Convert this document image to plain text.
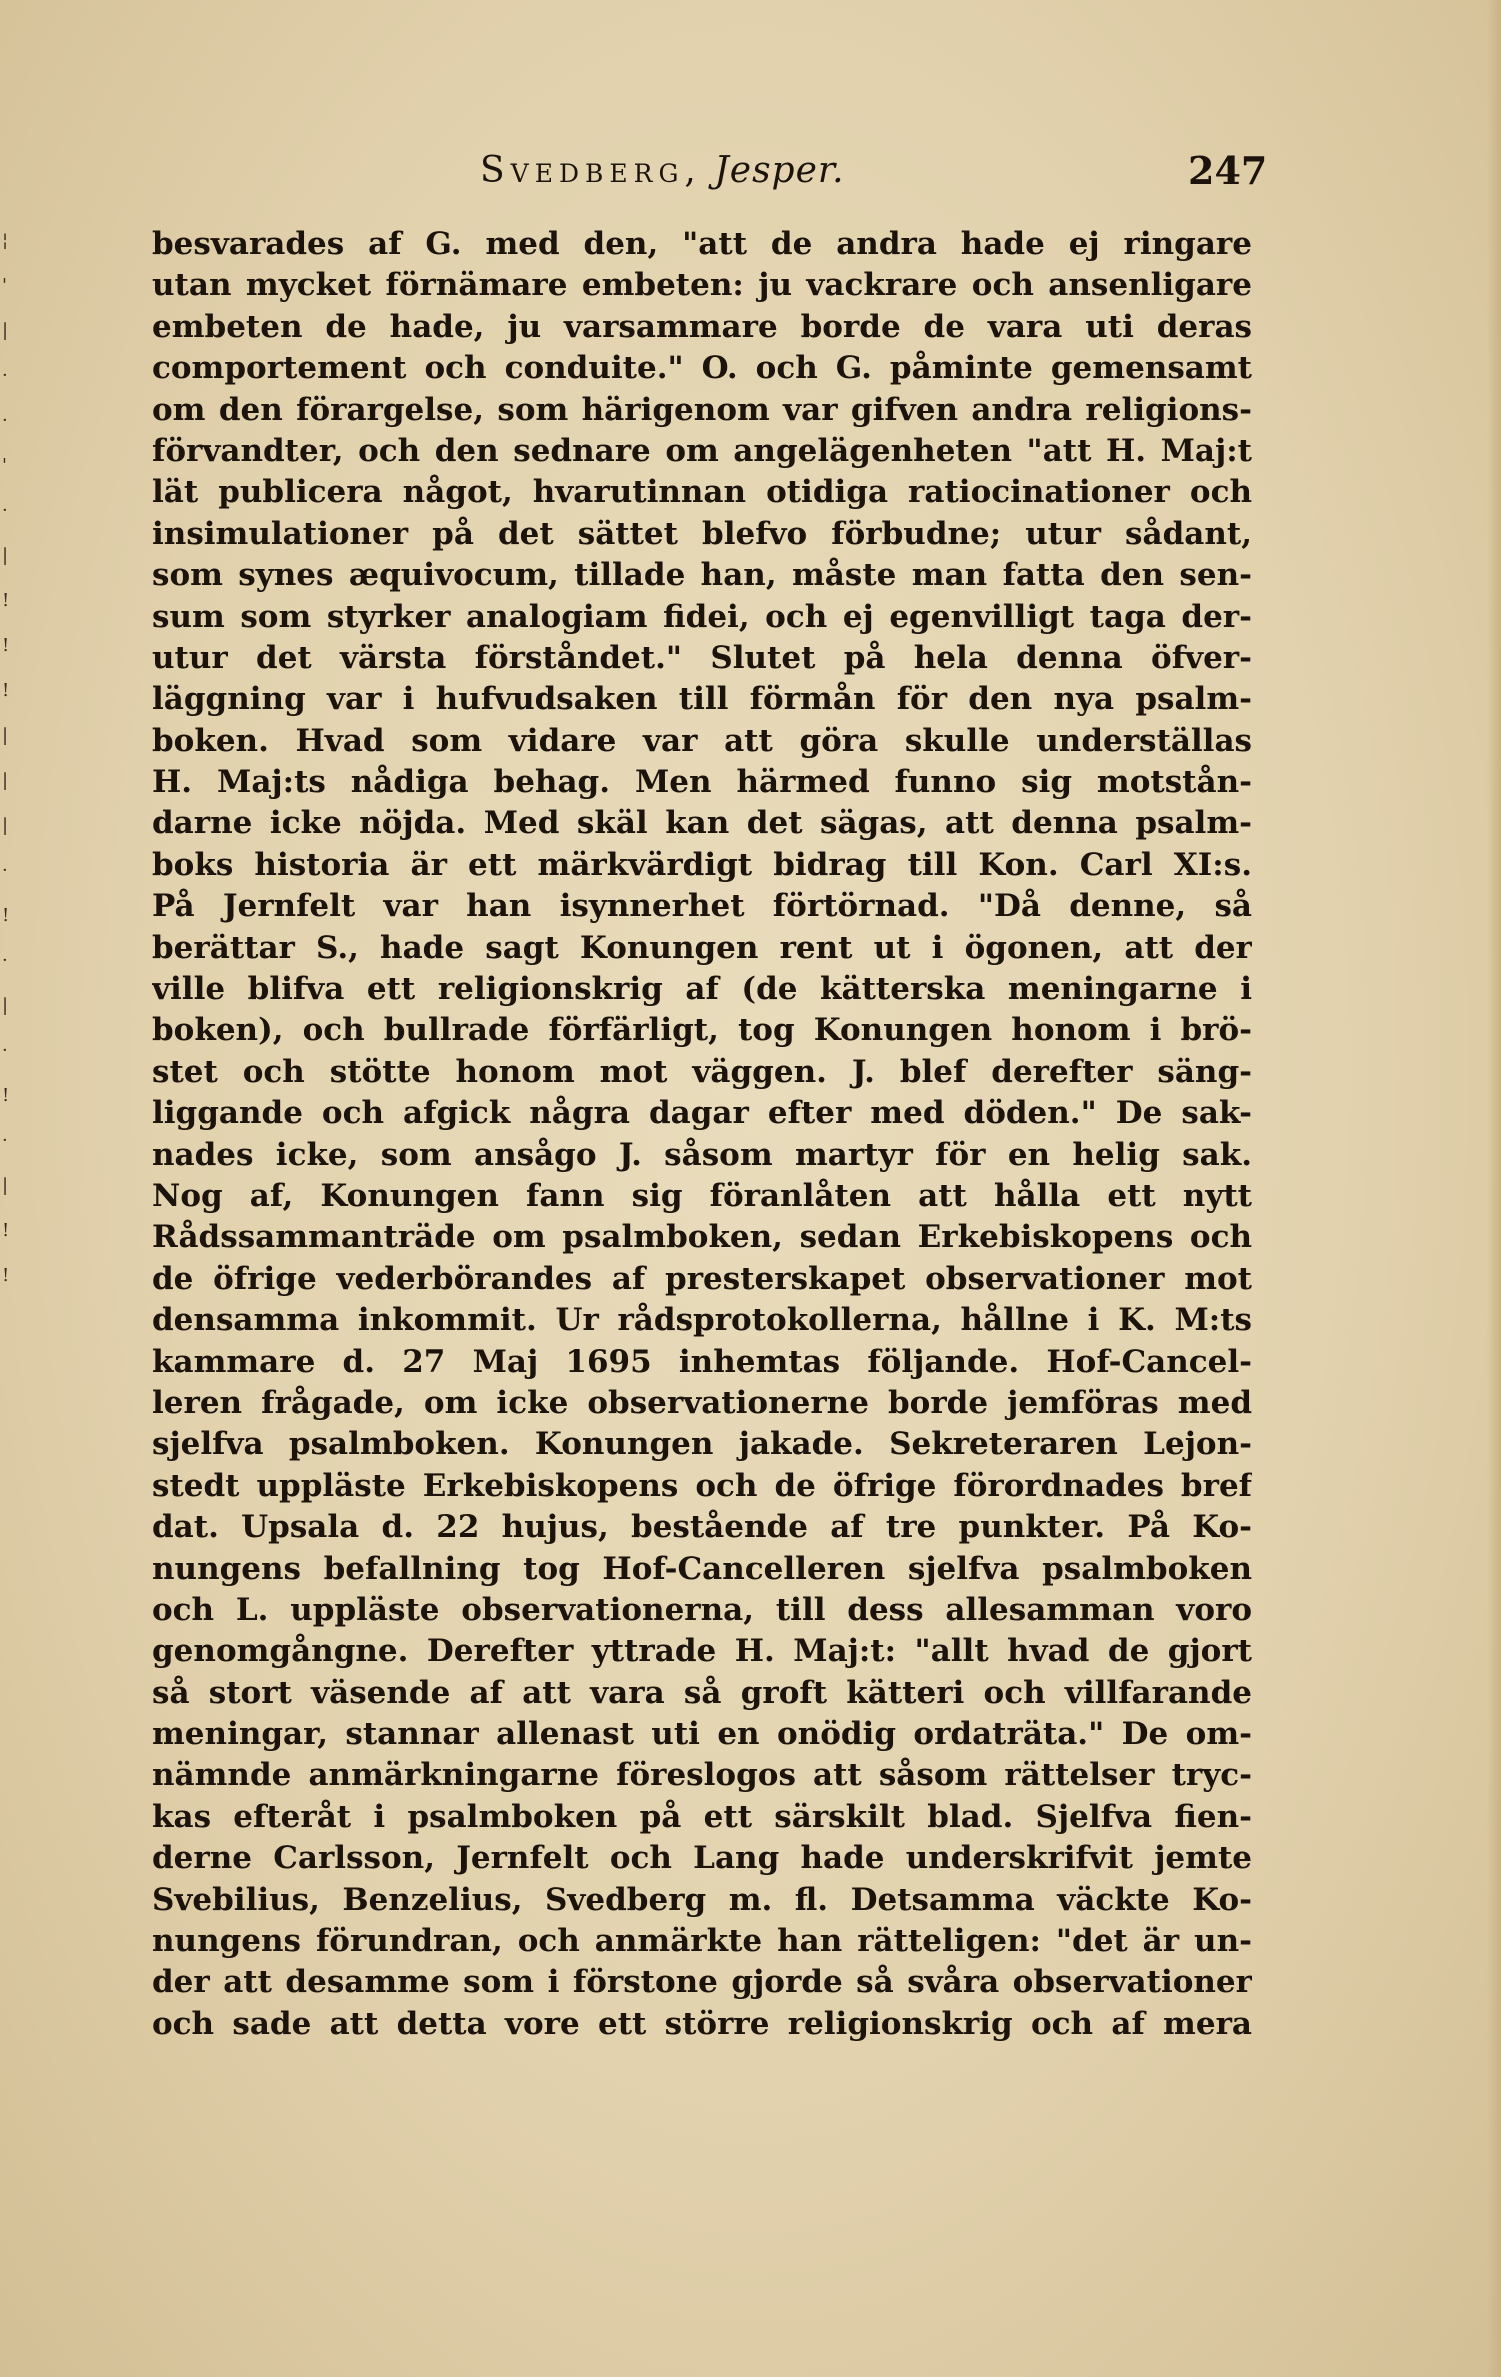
¦
'
|
·
·
'
·
|
!
!
!
|
|
|
·
!
·
|
·
!
·
|
!
!
Svedberg, Jesper.	247
besvarades af G. med den, "att de andra hade ej ringare
utan mycket förnämare embeten: ju vackrare och ansenligare
embeten de hade, ju varsammare borde de vara uti deras
comportement och conduite." O. och G. påminte gemensamt
om den förargelse, som härigenom var gifven andra religions-
förvandter, och den sednare om angelägenheten "att H. Maj:t
lät publicera något, hvarutinnan otidiga ratiocinationer och
insimulationer på det sättet blefvo förbudne; utur sådant,
som synes æquivocum, tillade han, måste man fatta den sen-
sum som styrker analogiam fidei, och ej egenvilligt taga der-
utur det värsta förståndet." Slutet på hela denna öfver-
läggning var i hufvudsaken till förmån för den nya psalm-
boken. Hvad som vidare var att göra skulle underställas
H. Maj:ts nådiga behag. Men härmed funno sig motstån-
darne icke nöjda. Med skäl kan det sägas, att denna psalm-
boks historia är ett märkvärdigt bidrag till Kon. Carl XI:s.
På Jernfelt var han isynnerhet förtörnad. "Då denne, så
berättar S., hade sagt Konungen rent ut i ögonen, att der
ville blifva ett religionskrig af (de kätterska meningarne i
boken), och bullrade förfärligt, tog Konungen honom i brö-
stet och stötte honom mot väggen. J. blef derefter säng-
liggande och afgick några dagar efter med döden." De sak-
nades icke, som ansågo J. såsom martyr för en helig sak.
Nog af, Konungen fann sig föranlåten att hålla ett nytt
Rådssammanträde om psalmboken, sedan Erkebiskopens och
de öfrige vederbörandes af presterskapet observationer mot
densamma inkommit. Ur rådsprotokollerna, hållne i K. M:ts
kammare d. 27 Maj 1695 inhemtas följande. Hof-Cancel-
leren frågade, om icke observationerne borde jemföras med
sjelfva psalmboken. Konungen jakade. Sekreteraren Lejon-
stedt uppläste Erkebiskopens och de öfrige förordnades bref
dat. Upsala d. 22 hujus, bestående af tre punkter. På Ko-
nungens befallning tog Hof-Cancelleren sjelfva psalmboken
och L. uppläste observationerna, till dess allesamman voro
genomgångne. Derefter yttrade H. Maj:t: "allt hvad de gjort
så stort väsende af att vara så groft kätteri och villfarande
meningar, stannar allenast uti en onödig ordaträta." De om-
nämnde anmärkningarne föreslogos att såsom rättelser tryc-
kas efteråt i psalmboken på ett särskilt blad. Sjelfva fien-
derne Carlsson, Jernfelt och Lang hade underskrifvit jemte
Svebilius, Benzelius, Svedberg m. fl. Detsamma väckte Ko-
nungens förundran, och anmärkte han rätteligen: "det är un-
der att desamme som i förstone gjorde så svåra observationer
och sade att detta vore ett större religionskrig och af mera
